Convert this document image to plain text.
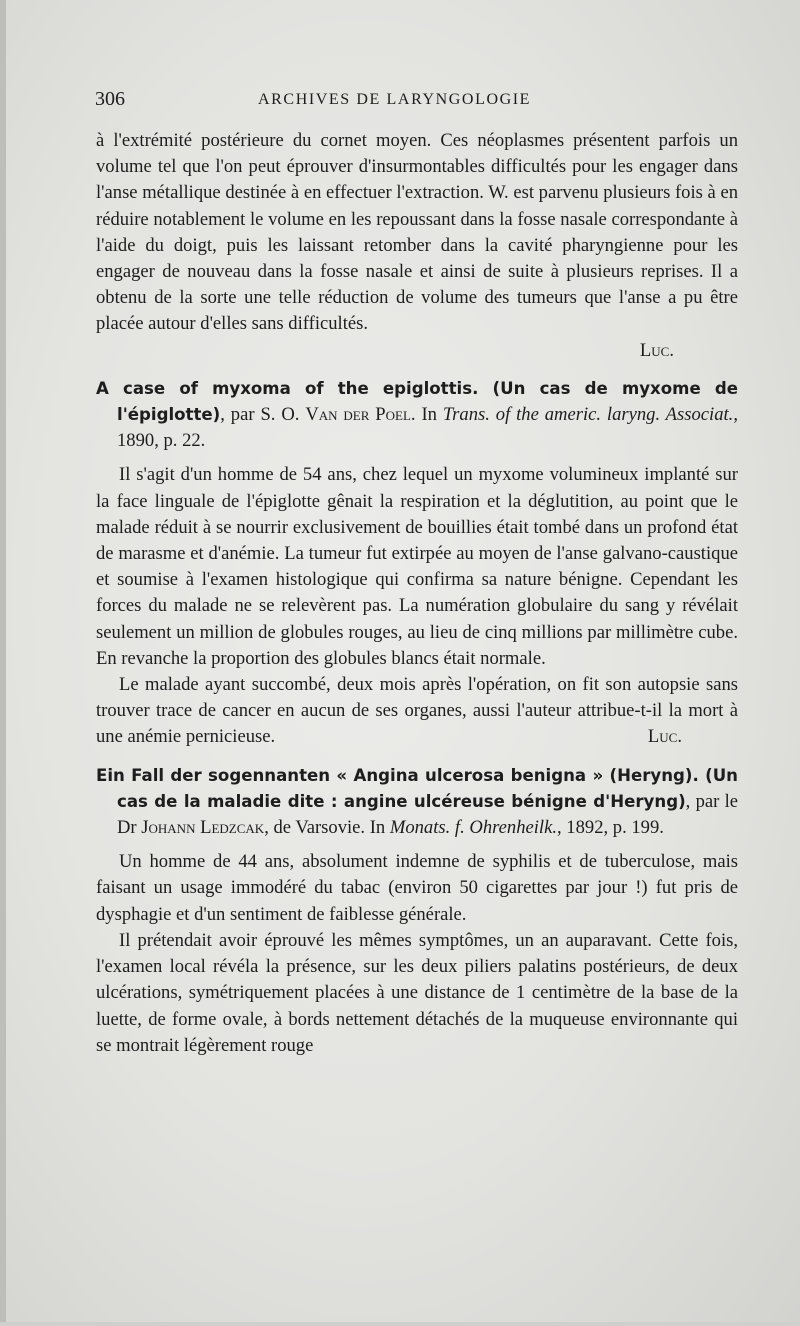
306	ARCHIVES DE LARYNGOLOGIE

à l'extrémité postérieure du cornet moyen. Ces néoplasmes présentent parfois un volume tel que l'on peut éprouver d'insurmontables difficultés pour les engager dans l'anse métallique destinée à en effectuer l'extraction. W. est parvenu plusieurs fois à en réduire notablement le volume en les repoussant dans la fosse nasale correspondante à l'aide du doigt, puis les laissant retomber dans la cavité pharyngienne pour les engager de nouveau dans la fosse nasale et ainsi de suite à plusieurs reprises. Il a obtenu de la sorte une telle réduction de volume des tumeurs que l'anse a pu être placée autour d'elles sans difficultés.

Luc.

A case of myxoma of the epiglottis. (Un cas de myxome de l'épiglotte), par S. O. Van der Poel. In Trans. of the americ. laryng. Associat., 1890, p. 22.

Il s'agit d'un homme de 54 ans, chez lequel un myxome volumineux implanté sur la face linguale de l'épiglotte gênait la respiration et la déglutition, au point que le malade réduit à se nourrir exclusivement de bouillies était tombé dans un profond état de marasme et d'anémie. La tumeur fut extirpée au moyen de l'anse galvano-caustique et soumise à l'examen histologique qui confirma sa nature bénigne. Cependant les forces du malade ne se relevèrent pas. La numération globulaire du sang y révélait seulement un million de globules rouges, au lieu de cinq millions par millimètre cube. En revanche la proportion des globules blancs était normale.

Le malade ayant succombé, deux mois après l'opération, on fit son autopsie sans trouver trace de cancer en aucun de ses organes, aussi l'auteur attribue-t-il la mort à une anémie pernicieuse.	Luc.

Ein Fall der sogennanten « Angina ulcerosa benigna » (Heryng). (Un cas de la maladie dite : angine ulcéreuse bénigne d'Heryng), par le Dr Johann Ledzcak, de Varsovie. In Monats. f. Ohrenheilk., 1892, p. 199.

Un homme de 44 ans, absolument indemne de syphilis et de tuberculose, mais faisant un usage immodéré du tabac (environ 50 cigarettes par jour !) fut pris de dysphagie et d'un sentiment de faiblesse générale.

Il prétendait avoir éprouvé les mêmes symptômes, un an auparavant. Cette fois, l'examen local révéla la présence, sur les deux piliers palatins postérieurs, de deux ulcérations, symétriquement placées à une distance de 1 centimètre de la base de la luette, de forme ovale, à bords nettement détachés de la muqueuse environnante qui se montrait légèrement rouge
